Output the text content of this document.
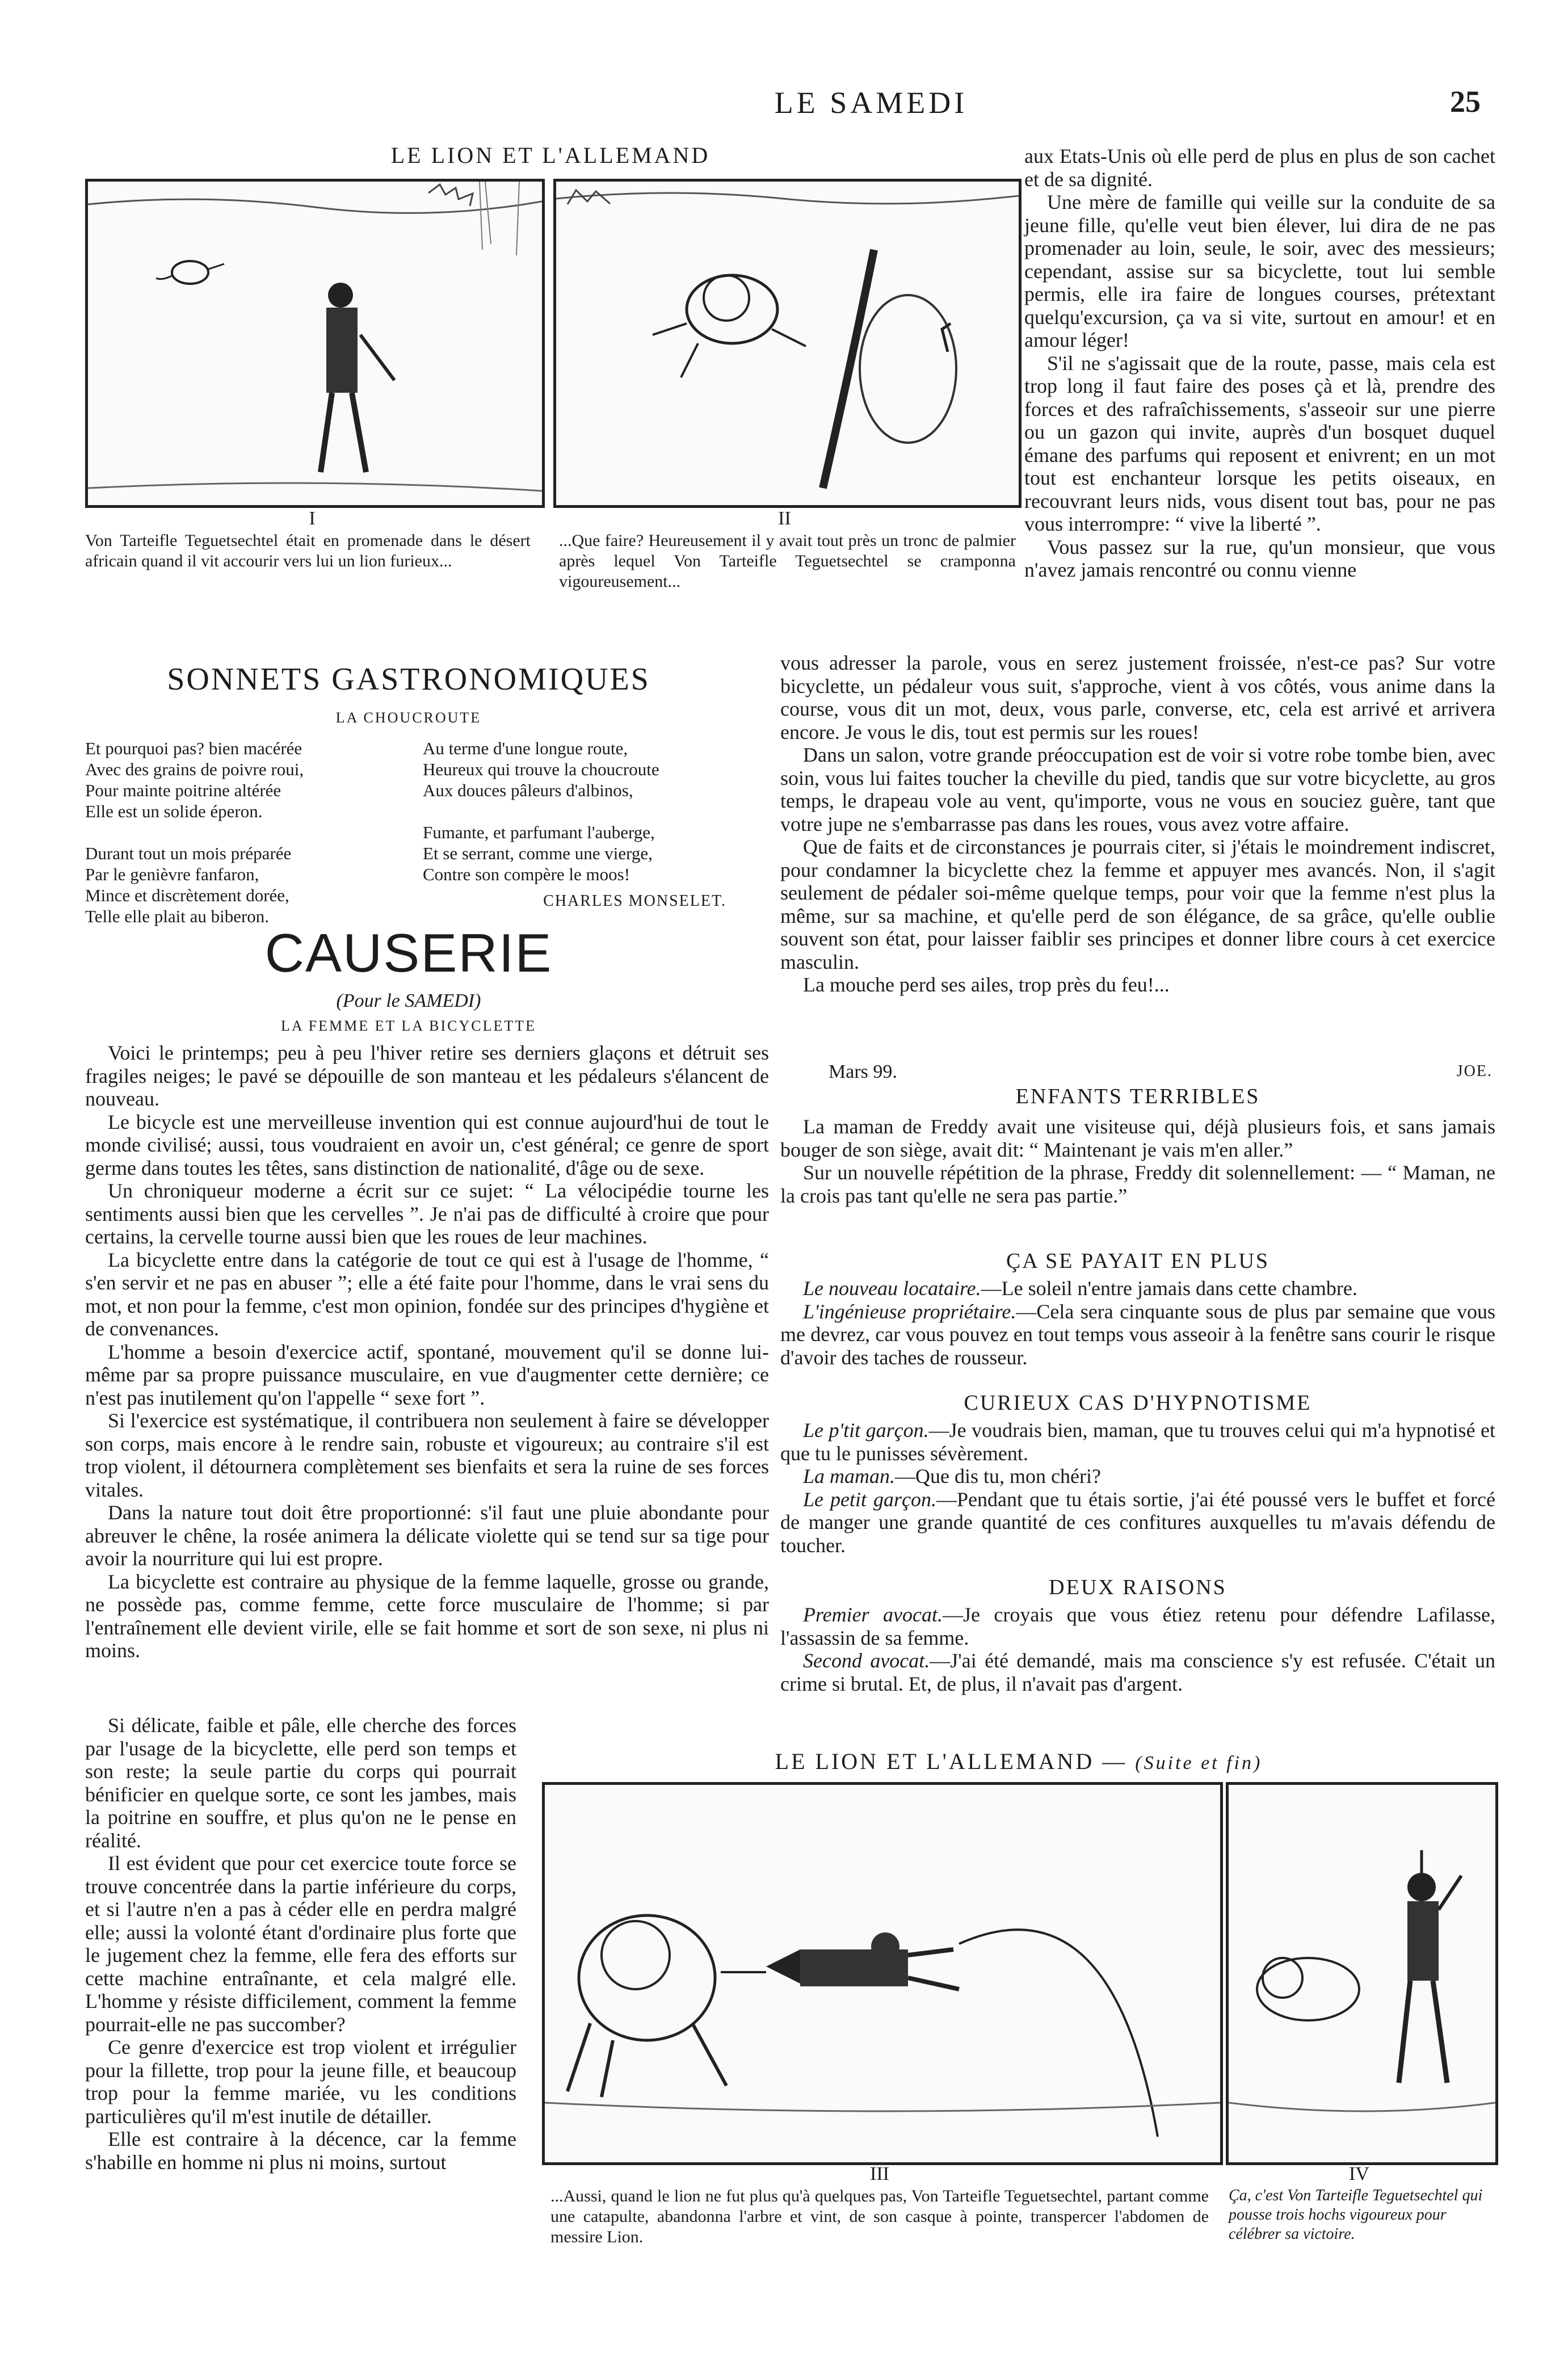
LE SAMEDI	25
LE LION ET L'ALLEMAND
I	II
Von Tarteifle Teguetsechtel était en promenade dans le désert africain quand il vit accourir vers lui un lion furieux...
...Que faire? Heureusement il y avait tout près un tronc de palmier après lequel Von Tarteifle Teguetsechtel se cramponna vigoureusement...
SONNETS GASTRONOMIQUES
LA CHOUCROUTE
Et pourquoi pas? bien macérée
Avec des grains de poivre roui,
Pour mainte poitrine altérée
Elle est un solide éperon.
Durant tout un mois préparée
Par le genièvre fanfaron,
Mince et discrètement dorée,
Telle elle plait au biberon.
Au terme d'une longue route,
Heureux qui trouve la choucroute
Aux douces pâleurs d'albinos,
Fumante, et parfumant l'auberge,
Et se serrant, comme une vierge,
Contre son compère le moos!
CHARLES MONSELET.
CAUSERIE
(Pour le SAMEDI)
LA FEMME ET LA BICYCLETTE

Voici le printemps; peu à peu l'hiver retire ses derniers glaçons et détruit ses fragiles neiges; le pavé se dépouille de son manteau et les pédaleurs s'élancent de nouveau.

Le bicycle est une merveilleuse invention qui est connue aujourd'hui de tout le monde civilisé; aussi, tous voudraient en avoir un, c'est général; ce genre de sport germe dans toutes les têtes, sans distinction de nationalité, d'âge ou de sexe.

Un chroniqueur moderne a écrit sur ce sujet: “ La vélocipédie tourne les sentiments aussi bien que les cervelles ”. Je n'ai pas de difficulté à croire que pour certains, la cervelle tourne aussi bien que les roues de leur machines.

La bicyclette entre dans la catégorie de tout ce qui est à l'usage de l'homme, “ s'en servir et ne pas en abuser ”; elle a été faite pour l'homme, dans le vrai sens du mot, et non pour la femme, c'est mon opinion, fondée sur des principes d'hygiène et de convenances.

L'homme a besoin d'exercice actif, spontané, mouvement qu'il se donne lui-même par sa propre puissance musculaire, en vue d'augmenter cette dernière; ce n'est pas inutilement qu'on l'appelle “ sexe fort ”.

Si l'exercice est systématique, il contribuera non seulement à faire se développer son corps, mais encore à le rendre sain, robuste et vigoureux; au contraire s'il est trop violent, il détournera complètement ses bienfaits et sera la ruine de ses forces vitales.

Dans la nature tout doit être proportionné: s'il faut une pluie abondante pour abreuver le chêne, la rosée animera la délicate violette qui se tend sur sa tige pour avoir la nourriture qui lui est propre.

La bicyclette est contraire au physique de la femme laquelle, grosse ou grande, ne possède pas, comme femme, cette force musculaire de l'homme; si par l'entraînement elle devient virile, elle se fait homme et sort de son sexe, ni plus ni moins.

Si délicate, faible et pâle, elle cherche des forces par l'usage de la bicyclette, elle perd son temps et son reste; la seule partie du corps qui pourrait bénificier en quelque sorte, ce sont les jambes, mais la poitrine en souffre, et plus qu'on ne le pense en réalité.

Il est évident que pour cet exercice toute force se trouve concentrée dans la partie inférieure du corps, et si l'autre n'en a pas à céder elle en perdra malgré elle; aussi la volonté étant d'ordinaire plus forte que le jugement chez la femme, elle fera des efforts sur cette machine entraînante, et cela malgré elle. L'homme y résiste difficilement, comment la femme pourrait-elle ne pas succomber?

Ce genre d'exercice est trop violent et irrégulier pour la fillette, trop pour la jeune fille, et beaucoup trop pour la femme mariée, vu les conditions particulières qu'il m'est inutile de détailler.

Elle est contraire à la décence, car la femme s'habille en homme ni plus ni moins, surtout

aux Etats-Unis où elle perd de plus en plus de son cachet et de sa dignité.

Une mère de famille qui veille sur la conduite de sa jeune fille, qu'elle veut bien élever, lui dira de ne pas promenader au loin, seule, le soir, avec des messieurs; cependant, assise sur sa bicyclette, tout lui semble permis, elle ira faire de longues courses, prétextant quelqu'excursion, ça va si vite, surtout en amour! et en amour léger!

S'il ne s'agissait que de la route, passe, mais cela est trop long il faut faire des poses çà et là, prendre des forces et des rafraîchissements, s'asseoir sur une pierre ou un gazon qui invite, auprès d'un bosquet duquel émane des parfums qui reposent et enivrent; en un mot tout est enchanteur lorsque les petits oiseaux, en recouvrant leurs nids, vous disent tout bas, pour ne pas vous interrompre: “ vive la liberté ”.

Vous passez sur la rue, qu'un monsieur, que vous n'avez jamais rencontré ou connu vienne

vous adresser la parole, vous en serez justement froissée, n'est-ce pas? Sur votre bicyclette, un pédaleur vous suit, s'approche, vient à vos côtés, vous anime dans la course, vous dit un mot, deux, vous parle, converse, etc, cela est arrivé et arrivera encore. Je vous le dis, tout est permis sur les roues!

Dans un salon, votre grande préoccupation est de voir si votre robe tombe bien, avec soin, vous lui faites toucher la cheville du pied, tandis que sur votre bicyclette, au gros temps, le drapeau vole au vent, qu'importe, vous ne vous en souciez guère, tant que votre jupe ne s'embarrasse pas dans les roues, vous avez votre affaire.

Que de faits et de circonstances je pourrais citer, si j'étais le moindrement indiscret, pour condamner la bicyclette chez la femme et appuyer mes avancés. Non, il s'agit seulement de pédaler soi-même quelque temps, pour voir que la femme n'est plus la même, sur sa machine, et qu'elle perd de son élégance, de sa grâce, qu'elle oublie souvent son état, pour laisser faiblir ses principes et donner libre cours à cet exercice masculin.

La mouche perd ses ailes, trop près du feu!...

Mars 99.	JOE.
ENFANTS TERRIBLES

La maman de Freddy avait une visiteuse qui, déjà plusieurs fois, et sans jamais bouger de son siège, avait dit: “ Maintenant je vais m'en aller.”

Sur un nouvelle répétition de la phrase, Freddy dit solennellement: — “ Maman, ne la crois pas tant qu'elle ne sera pas partie.”

ÇA SE PAYAIT EN PLUS

Le nouveau locataire.—Le soleil n'entre jamais dans cette chambre.

L'ingénieuse propriétaire.—Cela sera cinquante sous de plus par semaine que vous me devrez, car vous pouvez en tout temps vous asseoir à la fenêtre sans courir le risque d'avoir des taches de rousseur.

CURIEUX CAS D'HYPNOTISME

Le p'tit garçon.—Je voudrais bien, maman, que tu trouves celui qui m'a hypnotisé et que tu le punisses sévèrement.

La maman.—Que dis tu, mon chéri?

Le petit garçon.—Pendant que tu étais sortie, j'ai été poussé vers le buffet et forcé de manger une grande quantité de ces confitures auxquelles tu m'avais défendu de toucher.

DEUX RAISONS

Premier avocat.—Je croyais que vous étiez retenu pour défendre Lafilasse, l'assassin de sa femme.

Second avocat.—J'ai été demandé, mais ma conscience s'y est refusée. C'était un crime si brutal. Et, de plus, il n'avait pas d'argent.

LE LION ET L'ALLEMAND — (Suite et fin)
III	IV
...Aussi, quand le lion ne fut plus qu'à quelques pas, Von Tarteifle Teguetsechtel, partant comme une catapulte, abandonna l'arbre et vint, de son casque à pointe, transpercer l'abdomen de messire Lion.
Ça, c'est Von Tarteifle Teguetsechtel qui pousse trois hochs vigoureux pour célébrer sa victoire.
